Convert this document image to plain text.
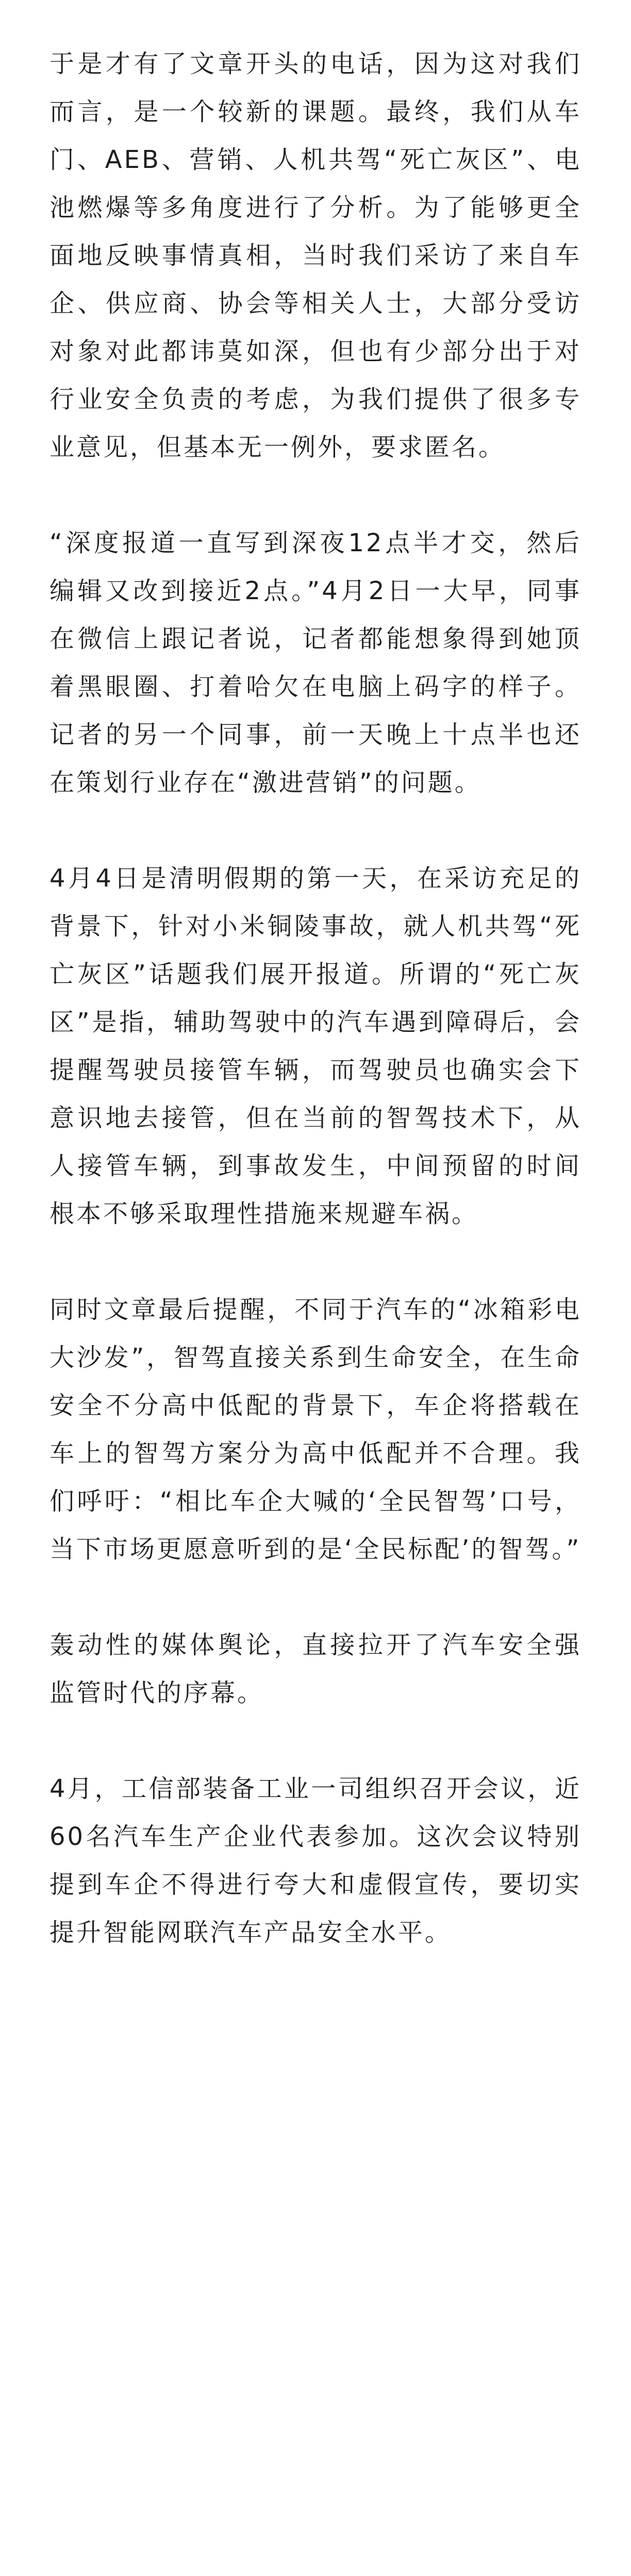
于是才有了文章开头的电话，因为这对我们而言，是一个较新的课题。最终，我们从车门、AEB、营销、人机共驾“死亡灰区”、电池燃爆等多角度进行了分析。为了能够更全面地反映事情真相，当时我们采访了来自车企、供应商、协会等相关人士，大部分受访对象对此都讳莫如深，但也有少部分出于对行业安全负责的考虑，为我们提供了很多专业意见，但基本无一例外，要求匿名。

“深度报道一直写到深夜12点半才交，然后编辑又改到接近2点。”4月2日一大早，同事在微信上跟记者说，记者都能想象得到她顶着黑眼圈、打着哈欠在电脑上码字的样子。记者的另一个同事，前一天晚上十点半也还在策划行业存在“激进营销”的问题。

4月4日是清明假期的第一天，在采访充足的背景下，针对小米铜陵事故，就人机共驾“死亡灰区”话题我们展开报道。所谓的“死亡灰区”是指，辅助驾驶中的汽车遇到障碍后，会提醒驾驶员接管车辆，而驾驶员也确实会下意识地去接管，但在当前的智驾技术下，从人接管车辆，到事故发生，中间预留的时间根本不够采取理性措施来规避车祸。

同时文章最后提醒，不同于汽车的“冰箱彩电大沙发”，智驾直接关系到生命安全，在生命安全不分高中低配的背景下，车企将搭载在车上的智驾方案分为高中低配并不合理。我们呼吁：“相比车企大喊的‘全民智驾’口号，当下市场更愿意听到的是‘全民标配’的智驾。”

轰动性的媒体舆论，直接拉开了汽车安全强监管时代的序幕。

4月，工信部装备工业一司组织召开会议，近60名汽车生产企业代表参加。这次会议特别提到车企不得进行夸大和虚假宣传，要切实提升智能网联汽车产品安全水平。
